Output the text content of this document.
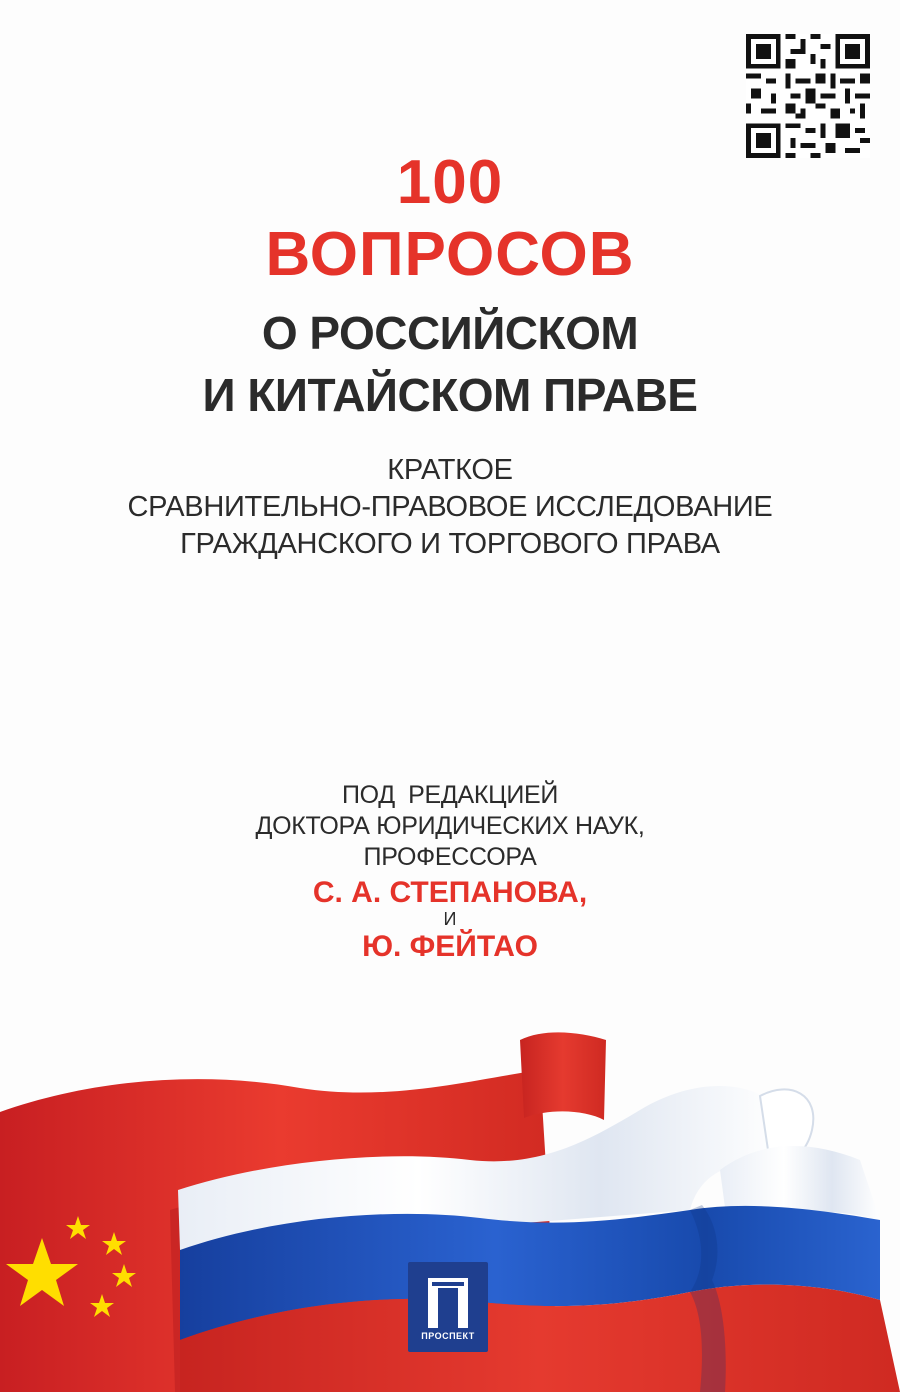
100
ВОПРОСОВ
О РОССИЙСКОМ
И КИТАЙСКОМ ПРАВЕ
КРАТКОЕ
СРАВНИТЕЛЬНО-ПРАВОВОЕ ИССЛЕДОВАНИЕ
ГРАЖДАНСКОГО И ТОРГОВОГО ПРАВА
ПОД  РЕДАКЦИЕЙ
ДОКТОРА ЮРИДИЧЕСКИХ НАУК,
ПРОФЕССОРА
С. А. СТЕПАНОВА,
И
Ю. ФЕЙТАО
ПРОСПЕКТ
